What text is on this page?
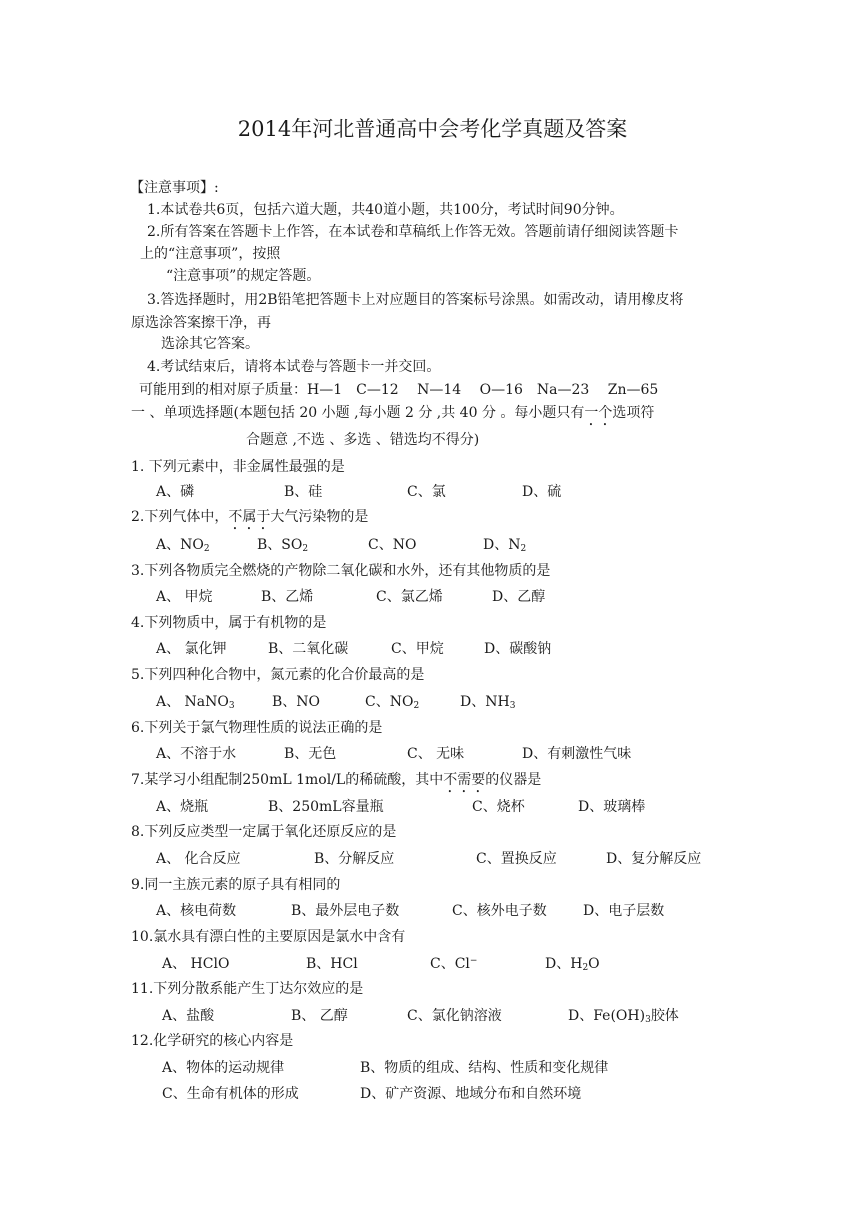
2014年河北普通高中会考化学真题及答案
【注意事项】:
1.本试卷共6页，包括六道大题，共40道小题，共100分，考试时间90分钟。
2.所有答案在答题卡上作答，在本试卷和草稿纸上作答无效。答题前请仔细阅读答题卡
上的“注意事项”，按照
“注意事项”的规定答题。
3.答选择题时，用2B铅笔把答题卡上对应题目的答案标号涂黑。如需改动，请用橡皮将
原选涂答案擦干净，再
选涂其它答案。
4.考试结束后，请将本试卷与答题卡一并交回。
可能用到的相对原子质量：H—1　C—12　 N—14　 O—16　Na—23　 Zn—65
一 、单项选择题(本题包括 20 小题 ,每小题 2 分 ,共 40 分 。每小题只有一个选项符
合题意 ,不选 、多选 、错选均不得分)
1. 下列元素中，非金属性最强的是
A、磷	B、硅	C、氯	D、硫
2.下列气体中，不属于大气污染物的是
A、$NO_2$	B、$SO_2$	C、NO	D、$N_2$
3.下列各物质完全燃烧的产物除二氧化碳和水外，还有其他物质的是
A、 甲烷	B、乙烯	C、氯乙烯	D、乙醇
4.下列物质中，属于有机物的是
A、 氯化钾	B、二氧化碳	C、甲烷	D、碳酸钠
5.下列四种化合物中，氮元素的化合价最高的是
A、 NaNO$_3$	B、NO	C、$NO_2$	D、$NH_3$
6.下列关于氯气物理性质的说法正确的是
A、不溶于水	B、无色	C、 无味	D、有刺激性气味
7.某学习小组配制250mL 1mol/L的稀硫酸，其中不需要的仪器是
A、烧瓶	B、250mL容量瓶	C、烧杯	D、玻璃棒
8.下列反应类型一定属于氧化还原反应的是
A、 化合反应	B、分解反应	C、置换反应	D、复分解反应
9.同一主族元素的原子具有相同的
A、核电荷数	B、最外层电子数	C、核外电子数	D、电子层数
10.氯水具有漂白性的主要原因是氯水中含有
A、 HClO	B、HCl	C、Cl−	D、$H_2O$
11.下列分散系能产生丁达尔效应的是
A、盐酸	B、 乙醇	C、氯化钠溶液	D、$Fe(OH)_3$胶体
12.化学研究的核心内容是
A、物体的运动规律	B、物质的组成、结构、性质和变化规律
C、生命有机体的形成	D、矿产资源、地域分布和自然环境
